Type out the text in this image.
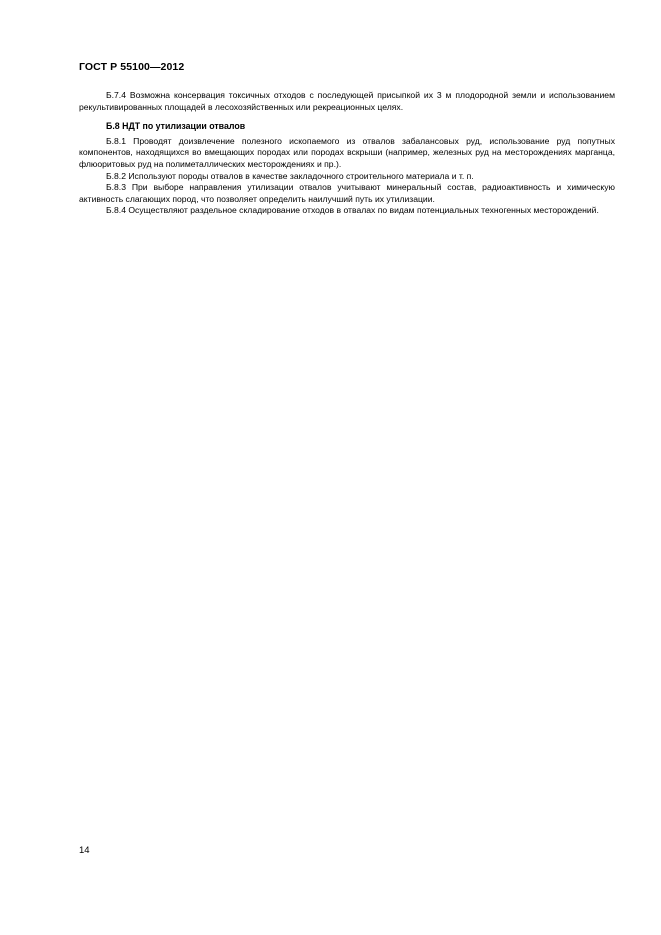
ГОСТ Р 55100—2012

Б.7.4 Возможна консервация токсичных отходов с последующей присыпкой их 3 м плодородной земли и использованием рекультивированных площадей в лесохозяйственных или рекреационных целях.

Б.8 НДТ по утилизации отвалов

Б.8.1 Проводят доизвлечение полезного ископаемого из отвалов забалансовых руд, использование руд попутных компонентов, находящихся во вмещающих породах или породах вскрыши (например, железных руд на месторождениях марганца, флюоритовых руд на полиметаллических месторождениях и пр.).

Б.8.2 Используют породы отвалов в качестве закладочного строительного материала и т. п.

Б.8.3 При выборе направления утилизации отвалов учитывают минеральный состав, радиоактивность и химическую активность слагающих пород, что позволяет определить наилучший путь их утилизации.

Б.8.4 Осуществляют раздельное складирование отходов в отвалах по видам потенциальных техногенных месторождений.

14
